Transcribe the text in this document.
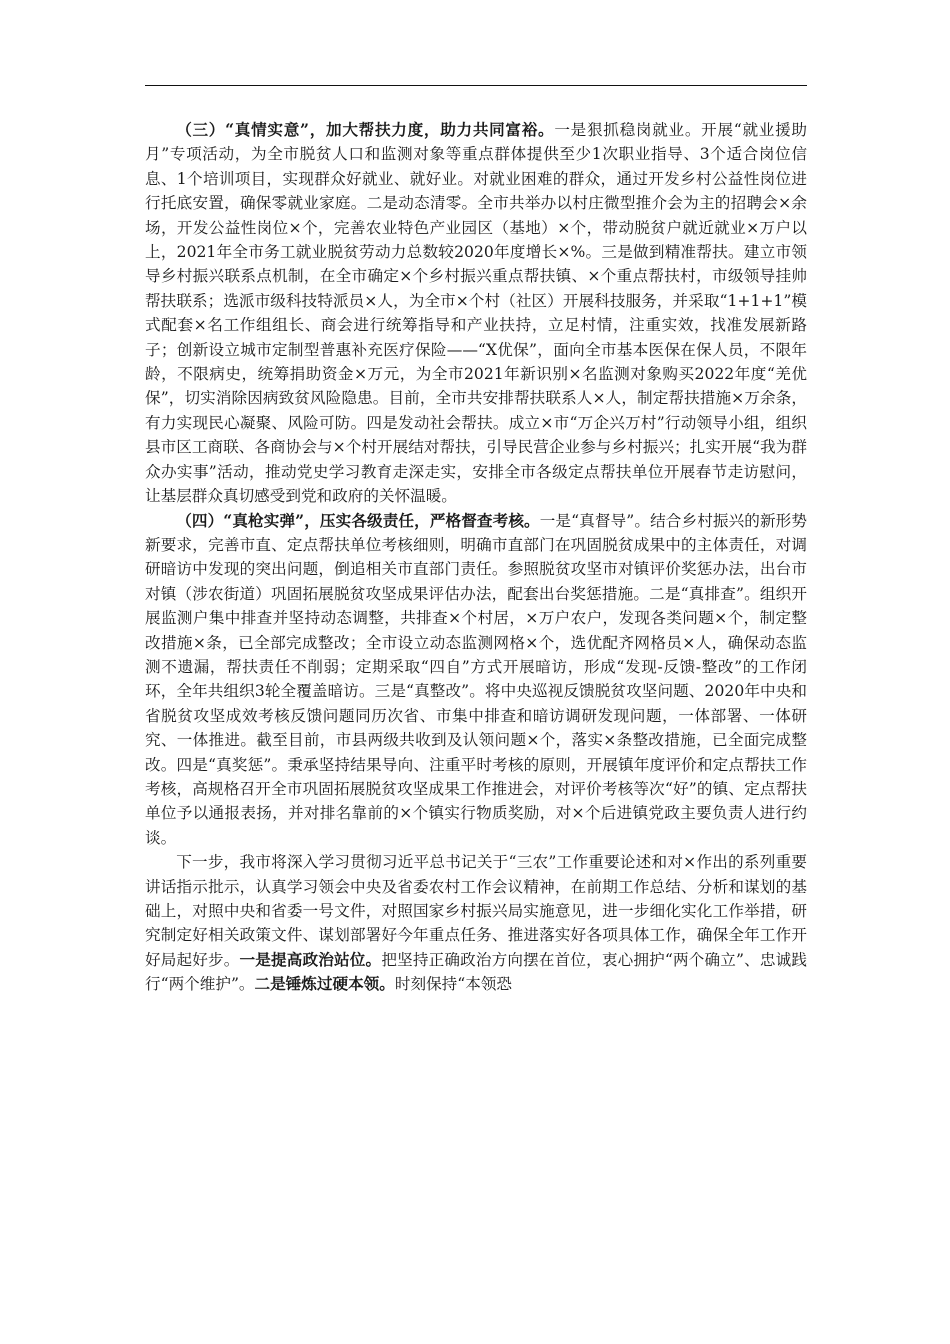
（三）“真情实意”，加大帮扶力度，助力共同富裕。一是狠抓稳岗就业。开展“就业援助月”专项活动，为全市脱贫人口和监测对象等重点群体提供至少1次职业指导、3个适合岗位信息、1个培训项目，实现群众好就业、就好业。对就业困难的群众，通过开发乡村公益性岗位进行托底安置，确保零就业家庭。二是动态清零。全市共举办以村庄微型推介会为主的招聘会×余场，开发公益性岗位×个，完善农业特色产业园区（基地）×个，带动脱贫户就近就业×万户以上，2021年全市务工就业脱贫劳动力总数较2020年度增长×%。三是做到精准帮扶。建立市领导乡村振兴联系点机制，在全市确定×个乡村振兴重点帮扶镇、×个重点帮扶村，市级领导挂帅帮扶联系；选派市级科技特派员×人，为全市×个村（社区）开展科技服务，并采取“1+1+1”模式配套×名工作组组长、商会进行统筹指导和产业扶持，立足村情，注重实效，找准发展新路子；创新设立城市定制型普惠补充医疗保险——“X优保”，面向全市基本医保在保人员，不限年龄，不限病史，统筹捐助资金×万元，为全市2021年新识别×名监测对象购买2022年度“羌优保”，切实消除因病致贫风险隐患。目前，全市共安排帮扶联系人×人，制定帮扶措施×万余条，有力实现民心凝聚、风险可防。四是发动社会帮扶。成立×市“万企兴万村”行动领导小组，组织县市区工商联、各商协会与×个村开展结对帮扶，引导民营企业参与乡村振兴；扎实开展“我为群众办实事”活动，推动党史学习教育走深走实，安排全市各级定点帮扶单位开展春节走访慰问，让基层群众真切感受到党和政府的关怀温暖。

（四）“真枪实弹”，压实各级责任，严格督查考核。一是“真督导”。结合乡村振兴的新形势新要求，完善市直、定点帮扶单位考核细则，明确市直部门在巩固脱贫成果中的主体责任，对调研暗访中发现的突出问题，倒追相关市直部门责任。参照脱贫攻坚市对镇评价奖惩办法，出台市对镇（涉农街道）巩固拓展脱贫攻坚成果评估办法，配套出台奖惩措施。二是“真排查”。组织开展监测户集中排查并坚持动态调整，共排查×个村居，×万户农户，发现各类问题×个，制定整改措施×条，已全部完成整改；全市设立动态监测网格×个，选优配齐网格员×人，确保动态监测不遗漏，帮扶责任不削弱；定期采取“四自”方式开展暗访，形成“发现-反馈-整改”的工作闭环，全年共组织3轮全覆盖暗访。三是“真整改”。将中央巡视反馈脱贫攻坚问题、2020年中央和省脱贫攻坚成效考核反馈问题同历次省、市集中排查和暗访调研发现问题，一体部署、一体研究、一体推进。截至目前，市县两级共收到及认领问题×个，落实×条整改措施，已全面完成整改。四是“真奖惩”。秉承坚持结果导向、注重平时考核的原则，开展镇年度评价和定点帮扶工作考核，高规格召开全市巩固拓展脱贫攻坚成果工作推进会，对评价考核等次“好”的镇、定点帮扶单位予以通报表扬，并对排名靠前的×个镇实行物质奖励，对×个后进镇党政主要负责人进行约谈。

下一步，我市将深入学习贯彻习近平总书记关于“三农”工作重要论述和对×作出的系列重要讲话指示批示，认真学习领会中央及省委农村工作会议精神，在前期工作总结、分析和谋划的基础上，对照中央和省委一号文件，对照国家乡村振兴局实施意见，进一步细化实化工作举措，研究制定好相关政策文件、谋划部署好今年重点任务、推进落实好各项具体工作，确保全年工作开好局起好步。一是提高政治站位。把坚持正确政治方向摆在首位，衷心拥护“两个确立”、忠诚践行“两个维护”。二是锤炼过硬本领。时刻保持“本领恐
